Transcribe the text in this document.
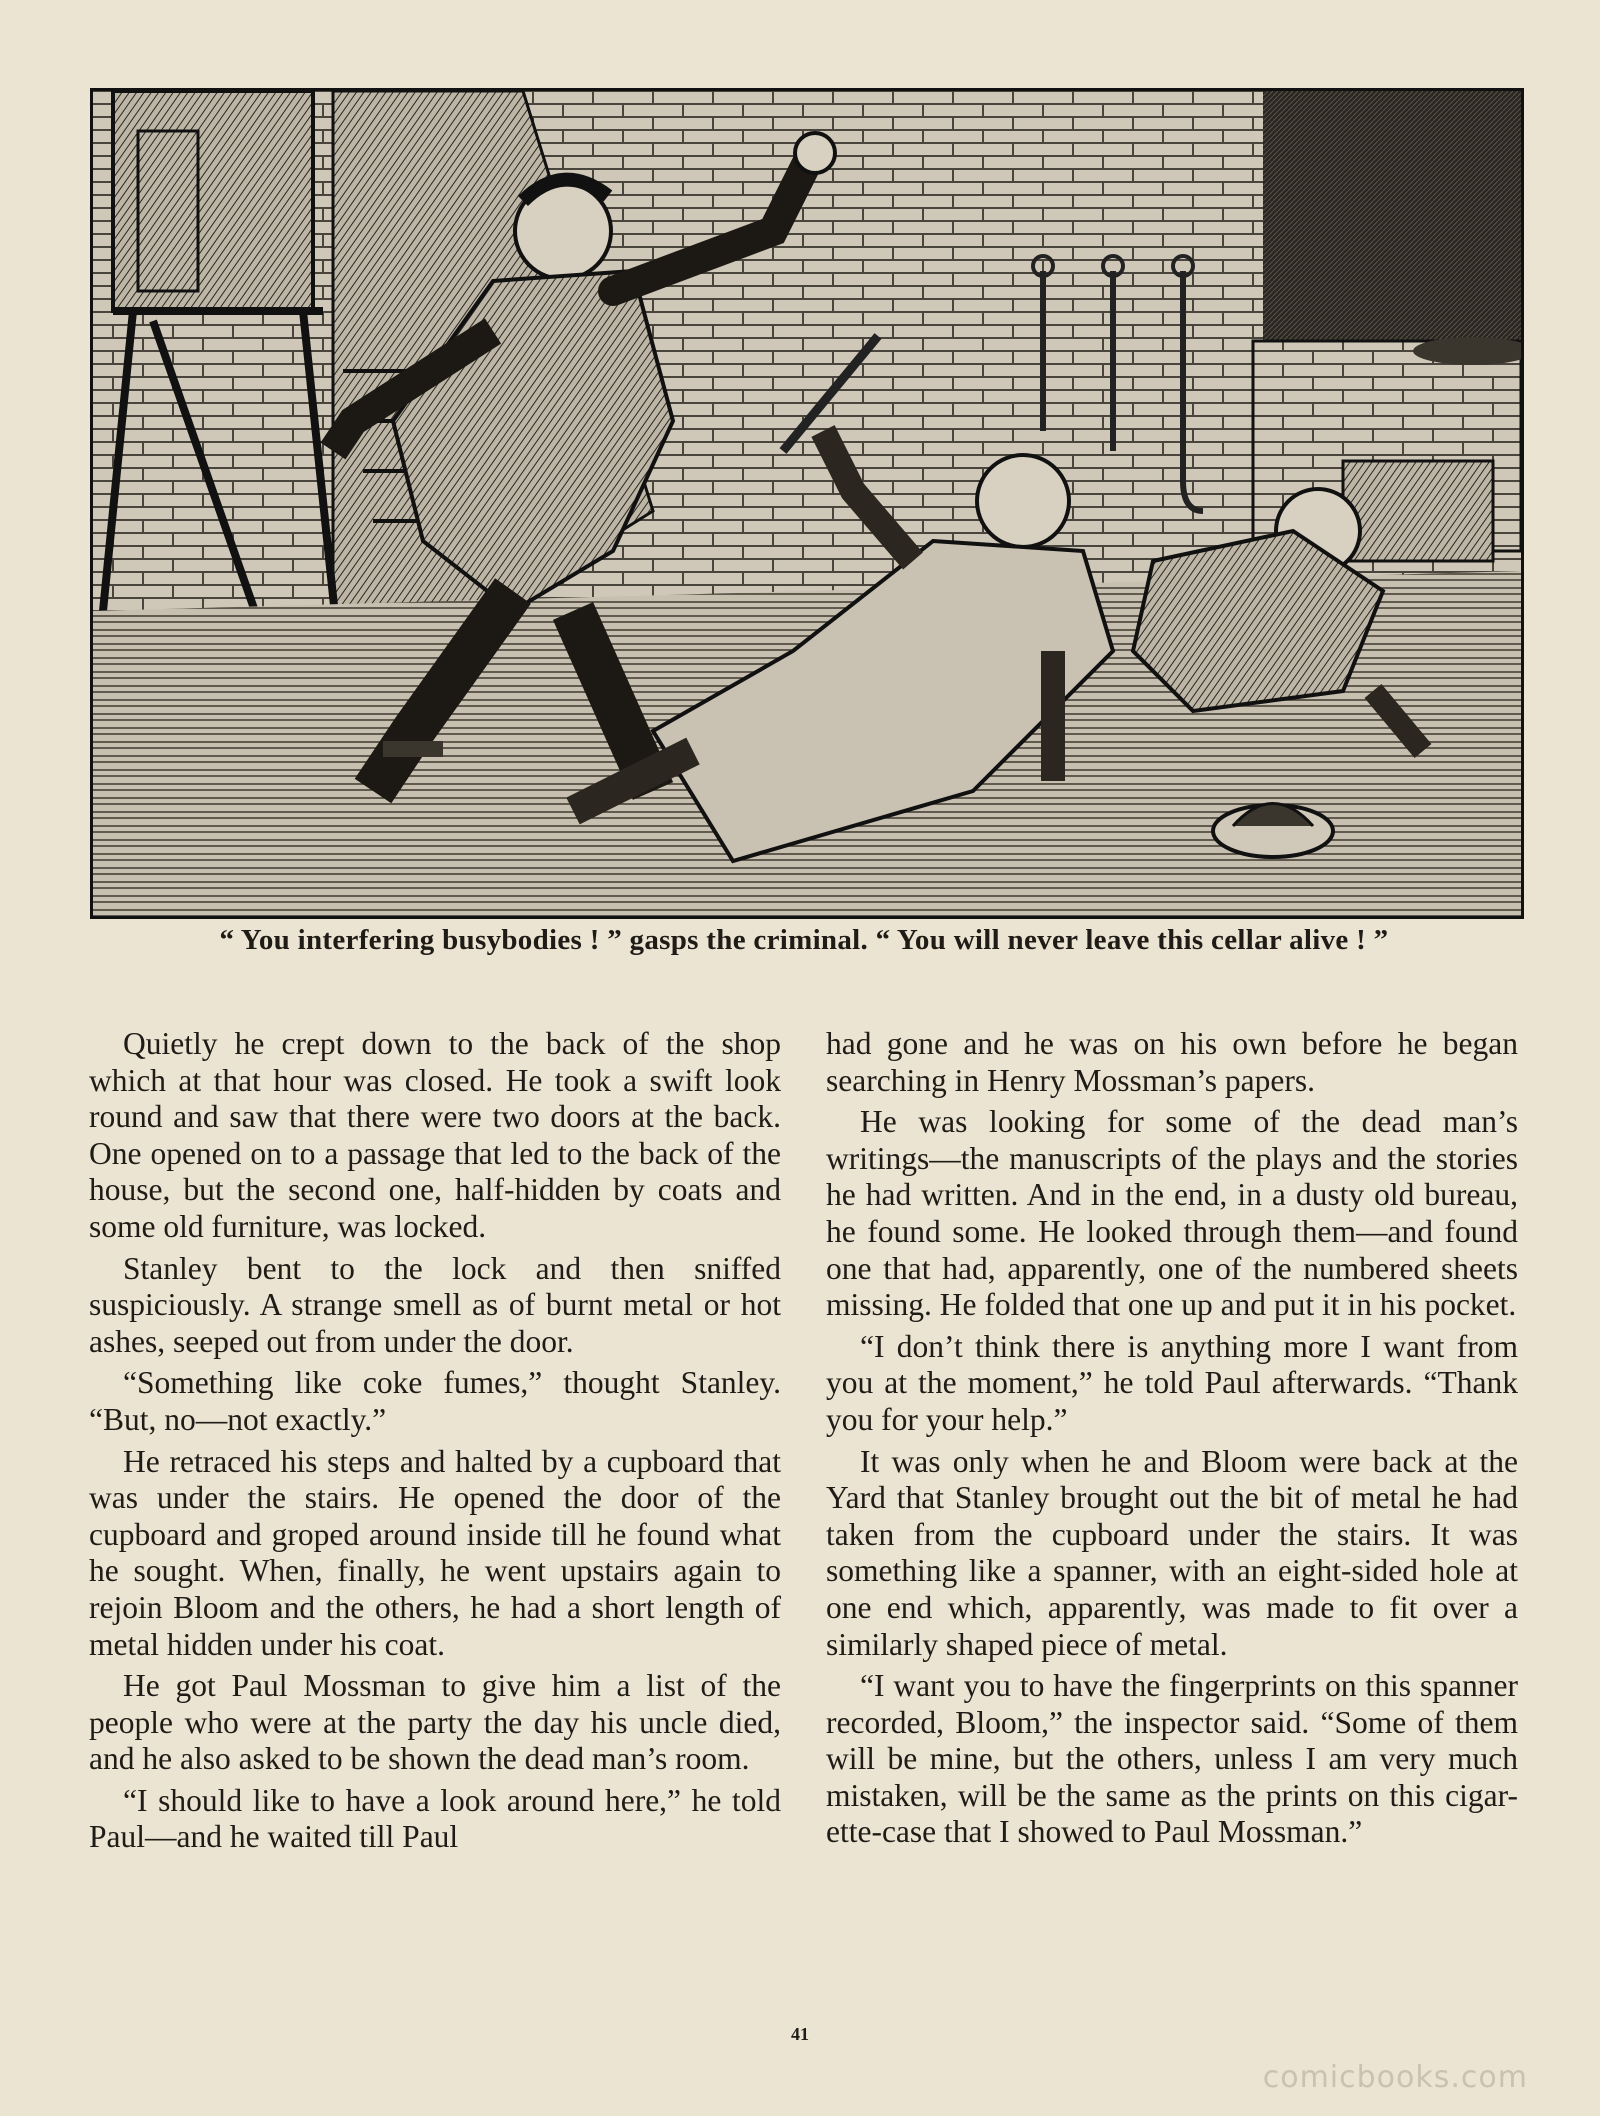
“ You interfering busybodies ! ” gasps the criminal. “ You will never leave this cellar alive ! ”

Quietly he crept down to the back of the shop which at that hour was closed. He took a swift look round and saw that there were two doors at the back. One opened on to a passage that led to the back of the house, but the second one, half-hidden by coats and some old furniture, was locked.

Stanley bent to the lock and then sniffed suspiciously. A strange smell as of burnt metal or hot ashes, seeped out from under the door.

“Something like coke fumes,” thought Stanley. “But, no—not exactly.”

He retraced his steps and halted by a cupboard that was under the stairs. He opened the door of the cupboard and groped around inside till he found what he sought. When, finally, he went upstairs again to rejoin Bloom and the others, he had a short length of metal hidden under his coat.

He got Paul Mossman to give him a list of the people who were at the party the day his uncle died, and he also asked to be shown the dead man’s room.

“I should like to have a look around here,” he told Paul—and he waited till Paul

had gone and he was on his own before he began searching in Henry Mossman’s papers.

He was looking for some of the dead man’s writings—the manuscripts of the plays and the stories he had written. And in the end, in a dusty old bureau, he found some. He looked through them—and found one that had, apparently, one of the numbered sheets missing. He folded that one up and put it in his pocket.

“I don’t think there is anything more I want from you at the moment,” he told Paul afterwards. “Thank you for your help.”

It was only when he and Bloom were back at the Yard that Stanley brought out the bit of metal he had taken from the cupboard under the stairs. It was something like a spanner, with an eight-sided hole at one end which, apparently, was made to fit over a similarly shaped piece of metal.

“I want you to have the fingerprints on this spanner recorded, Bloom,” the inspector said. “Some of them will be mine, but the others, unless I am very much mistaken, will be the same as the prints on this cigar-ette-case that I showed to Paul Mossman.”

41
comicbooks.com
